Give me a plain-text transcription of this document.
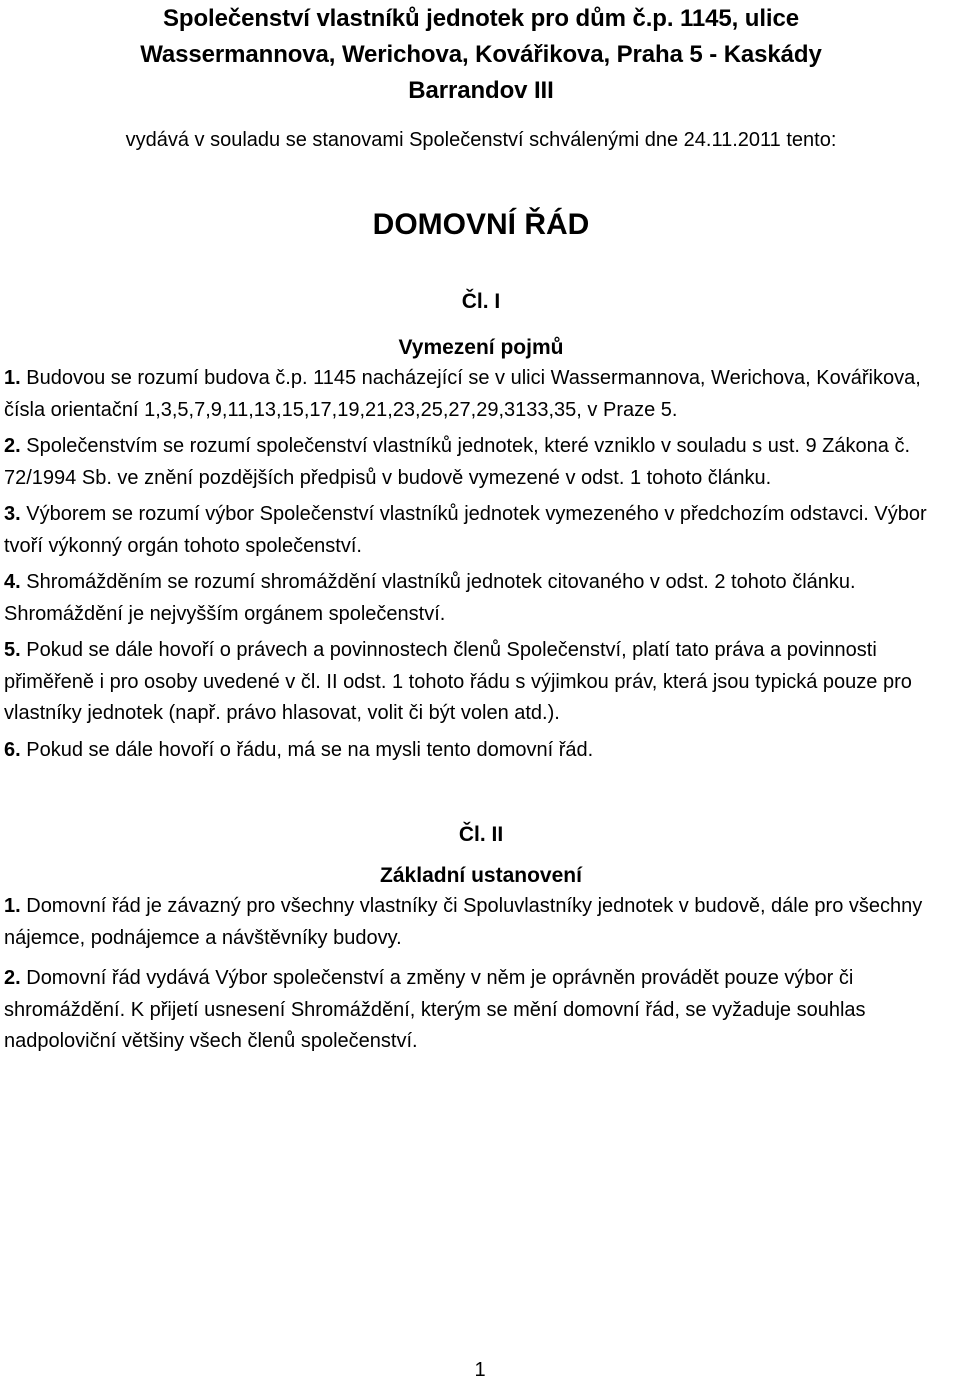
Společenství vlastníků jednotek pro dům č.p. 1145, ulice
Wassermannova, Werichova, Kovářikova, Praha 5 - Kaskády
Barrandov III

vydává v souladu se stanovami Společenství schválenými dne 24.11.2011 tento:

DOMOVNÍ ŘÁD
Čl. I
Vymezení pojmů

1. Budovou se rozumí budova č.p. 1145 nacházející se v ulici Wassermannova, Werichova, Kovářikova, čísla orientační 1,3,5,7,9,11,13,15,17,19,21,23,25,27,29,3133,35, v Praze 5.

2. Společenstvím se rozumí společenství vlastníků jednotek, které vzniklo v souladu s ust. 9 Zákona č. 72/1994 Sb. ve znění pozdějších předpisů v budově vymezené v odst. 1 tohoto článku.

3. Výborem se rozumí výbor Společenství vlastníků jednotek vymezeného v předchozím odstavci. Výbor tvoří výkonný orgán tohoto společenství.

4. Shromážděním se rozumí shromáždění vlastníků jednotek citovaného v odst. 2 tohoto článku. Shromáždění je nejvyšším orgánem společenství.

5. Pokud se dále hovoří o právech a povinnostech členů Společenství, platí tato práva a povinnosti přiměřeně i pro osoby uvedené v čl. II odst. 1 tohoto řádu s výjimkou práv, která jsou typická pouze pro vlastníky jednotek (např. právo hlasovat, volit či být volen atd.).

6. Pokud se dále hovoří o řádu, má se na mysli tento domovní řád.

Čl. II
Základní ustanovení

1. Domovní řád je závazný pro všechny vlastníky či Spoluvlastníky jednotek v budově, dále pro všechny nájemce, podnájemce a návštěvníky budovy.

2. Domovní řád vydává Výbor společenství a změny v něm je oprávněn provádět pouze výbor či shromáždění. K přijetí usnesení Shromáždění, kterým se mění domovní řád, se vyžaduje souhlas nadpoloviční většiny všech členů společenství.

1
